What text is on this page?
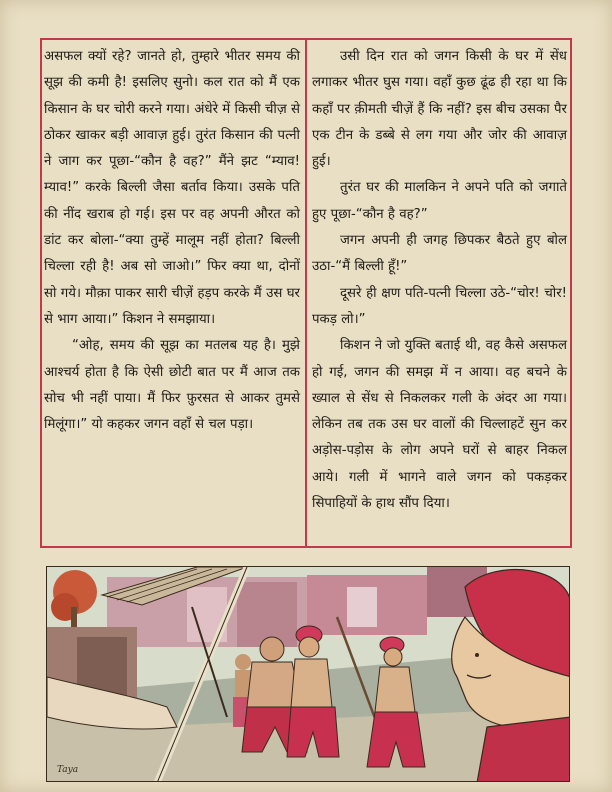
असफल क्यों रहे? जानते हो, तुम्हारे भीतर समय की सूझ की कमी है! इसलिए सुनो। कल रात को मैं एक किसान के घर चोरी करने गया। अंधेरे में किसी चीज़ से ठोकर खाकर बड़ी आवाज़ हुई। तुरंत किसान की पत्नी ने जाग कर पूछा-“कौन है वह?” मैंने झट “म्याव! म्याव!” करके बिल्ली जैसा बर्ताव किया। उसके पति की नींद खराब हो गई। इस पर वह अपनी औरत को डांट कर बोला-“क्या तुम्हें मालूम नहीं होता? बिल्ली चिल्ला रही है! अब सो जाओ।” फिर क्या था, दोनों सो गये। मौक़ा पाकर सारी चीज़ें हड़प करके मैं उस घर से भाग आया।” किशन ने समझाया।

“ओह, समय की सूझ का मतलब यह है। मुझे आश्चर्य होता है कि ऐसी छोटी बात पर मैं आज तक सोच भी नहीं पाया। मैं फिर फ़ुरसत से आकर तुमसे मिलूंगा।” यो कहकर जगन वहाँ से चल पड़ा।

उसी दिन रात को जगन किसी के घर में सेंध लगाकर भीतर घुस गया। वहाँ कुछ ढूंढ ही रहा था कि कहाँ पर क़ीमती चीज़ें हैं कि नहीं? इस बीच उसका पैर एक टीन के डब्बे से लग गया और जोर की आवाज़ हुई।

तुरंत घर की मालकिन ने अपने पति को जगाते हुए पूछा-“कौन है वह?”

जगन अपनी ही जगह छिपकर बैठते हुए बोल उठा-“मैं बिल्ली हूँ!”

दूसरे ही क्षण पति-पत्नी चिल्ला उठे-“चोर! चोर! पकड़ लो।”

किशन ने जो युक्ति बताई थी, वह कैसे असफल हो गई, जगन की समझ में न आया। वह बचने के ख्याल से सेंध से निकलकर गली के अंदर आ गया। लेकिन तब तक उस घर वालों की चिल्लाहटें सुन कर अड़ोस-पड़ोस के लोग अपने घरों से बाहर निकल आये। गली में भागने वाले जगन को पकड़कर सिपाहियों के हाथ सौंप दिया।

Taya
